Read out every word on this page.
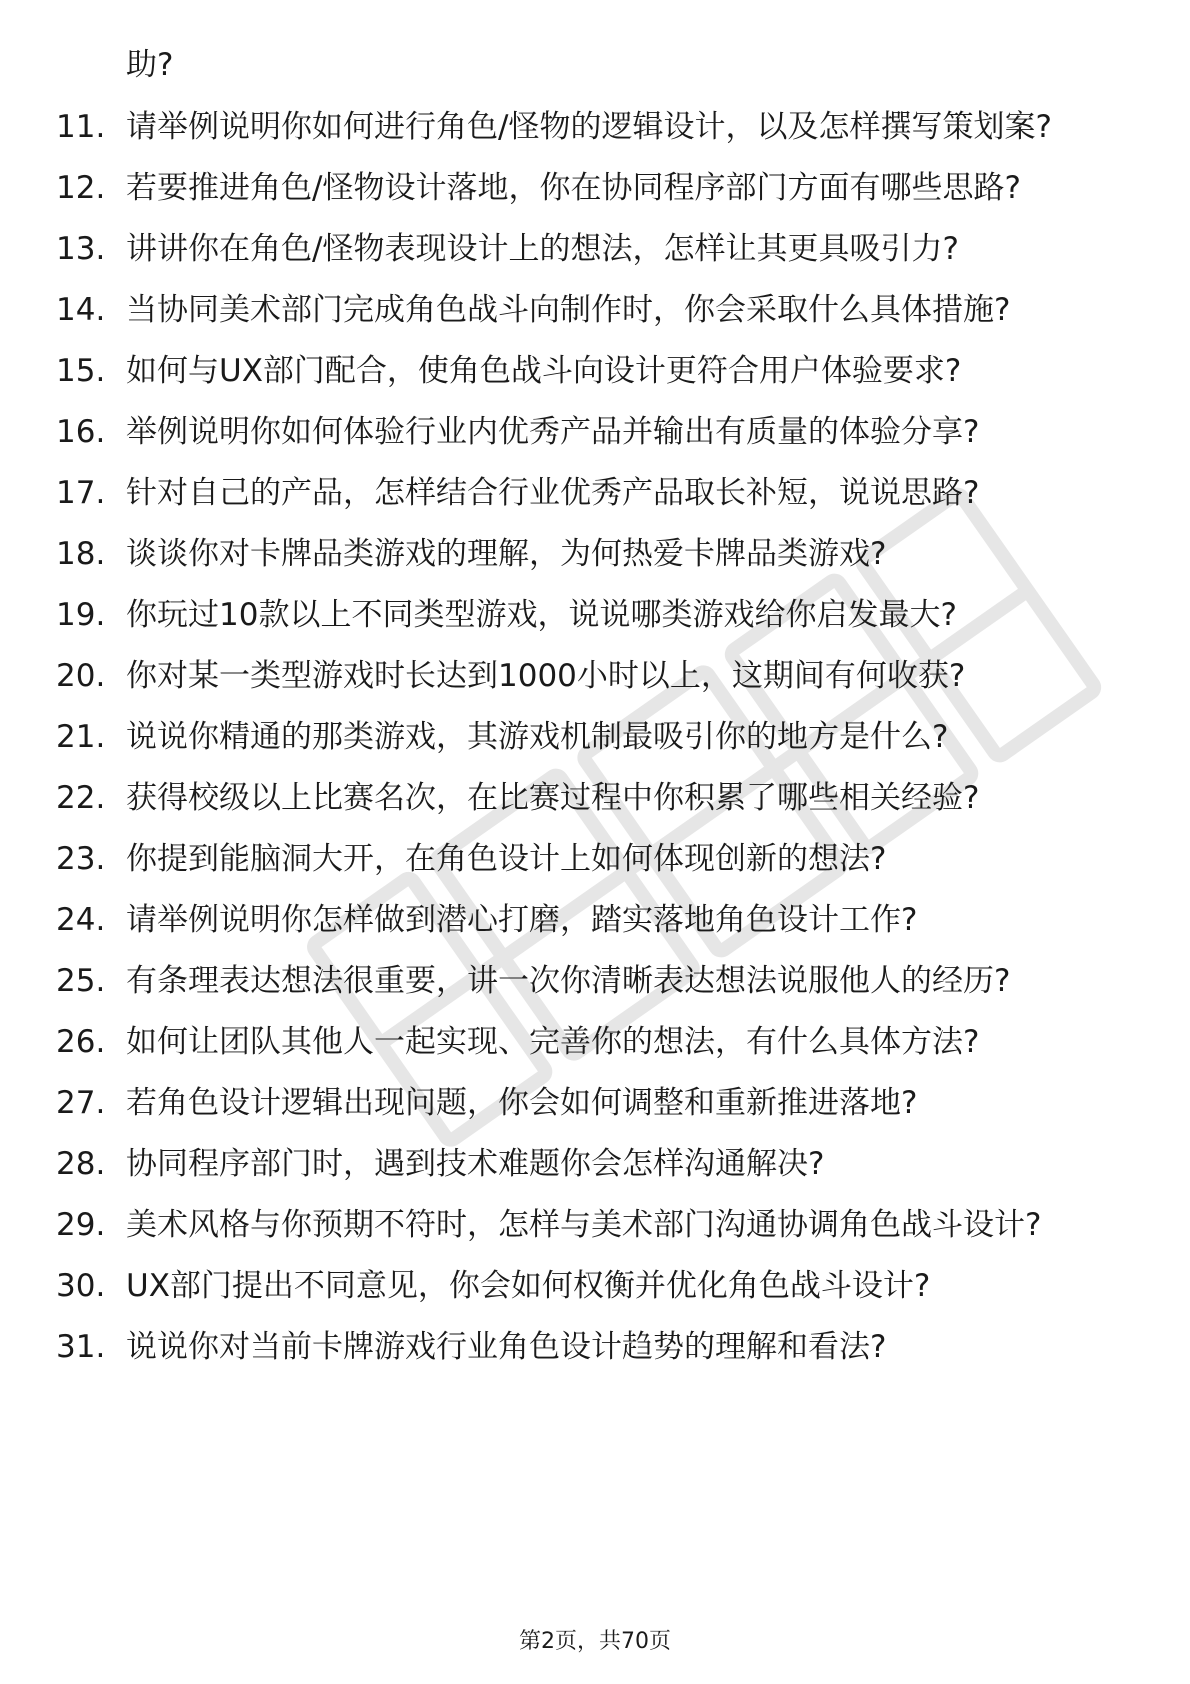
助?
11. 请举例说明你如何进行角色/怪物的逻辑设计，以及怎样撰写策划案?
12. 若要推进角色/怪物设计落地，你在协同程序部门方面有哪些思路?
13. 讲讲你在角色/怪物表现设计上的想法，怎样让其更具吸引力?
14. 当协同美术部门完成角色战斗向制作时，你会采取什么具体措施?
15. 如何与UX部门配合，使角色战斗向设计更符合用户体验要求?
16. 举例说明你如何体验行业内优秀产品并输出有质量的体验分享?
17. 针对自己的产品，怎样结合行业优秀产品取长补短，说说思路?
18. 谈谈你对卡牌品类游戏的理解，为何热爱卡牌品类游戏?
19. 你玩过10款以上不同类型游戏，说说哪类游戏给你启发最大?
20. 你对某一类型游戏时长达到1000小时以上，这期间有何收获?
21. 说说你精通的那类游戏，其游戏机制最吸引你的地方是什么?
22. 获得校级以上比赛名次，在比赛过程中你积累了哪些相关经验?
23. 你提到能脑洞大开，在角色设计上如何体现创新的想法?
24. 请举例说明你怎样做到潜心打磨，踏实落地角色设计工作?
25. 有条理表达想法很重要，讲一次你清晰表达想法说服他人的经历?
26. 如何让团队其他人一起实现、完善你的想法，有什么具体方法?
27. 若角色设计逻辑出现问题，你会如何调整和重新推进落地?
28. 协同程序部门时，遇到技术难题你会怎样沟通解决?
29. 美术风格与你预期不符时，怎样与美术部门沟通协调角色战斗设计?
30. UX部门提出不同意见，你会如何权衡并优化角色战斗设计?
31. 说说你对当前卡牌游戏行业角色设计趋势的理解和看法?
第2页，共70页
